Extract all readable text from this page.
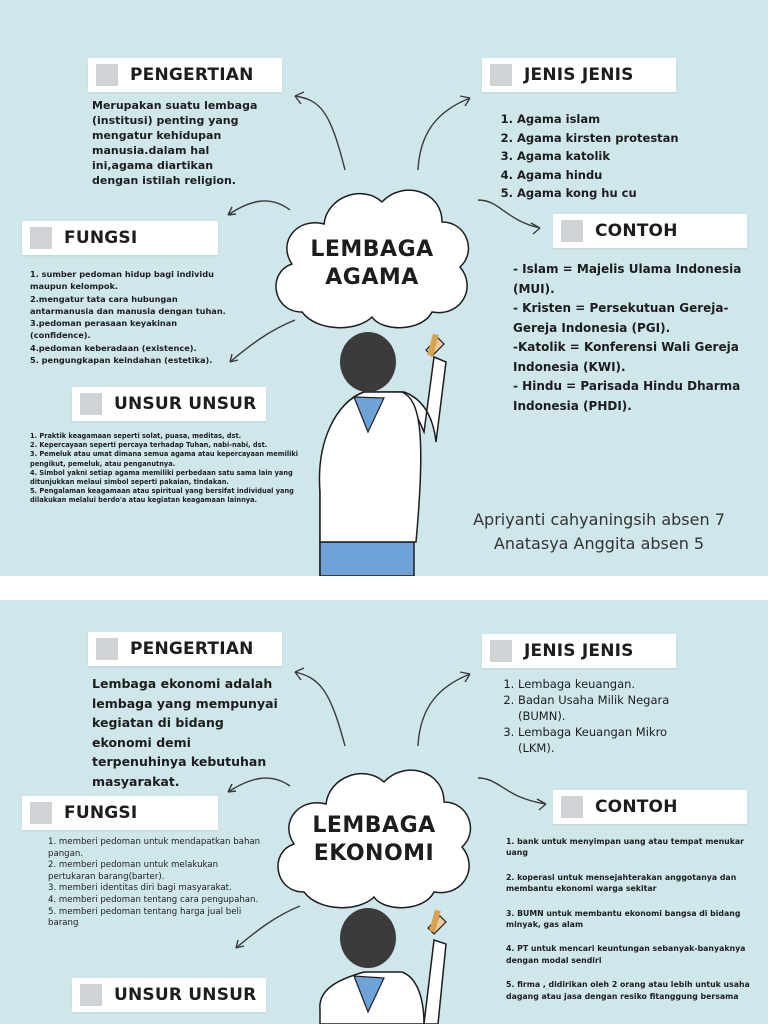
PENGERTIAN
Merupakan suatu lembaga (institusi) penting yang mengatur kehidupan manusia.dalam hal ini,agama diartikan dengan istilah religion.
JENIS JENIS
1. Agama islam
2. Agama kirsten protestan
3. Agama katolik
4. Agama hindu
5. Agama kong hu cu
FUNGSI

1. sumber pedoman hidup bagi individu maupun kelompok.

2.mengatur tata cara hubungan antarmanusia dan manusia dengan tuhan.

3.pedoman perasaan keyakinan (confidence).

4.pedoman keberadaan (existence).

5. pengungkapan keindahan (estetika).

CONTOH

- Islam = Majelis Ulama Indonesia (MUI).

- Kristen = Persekutuan Gereja-Gereja Indonesia (PGI).

-Katolik = Konferensi Wali Gereja Indonesia (KWI).

- Hindu = Parisada Hindu Dharma Indonesia (PHDI).

UNSUR UNSUR

1. Praktik keagamaan seperti solat, puasa, meditas, dst.

2. Kepercayaan seperti percaya terhadap Tuhan, nabi-nabi, dst.

3. Pemeluk atau umat dimana semua agama atau kepercayaan memiliki pengikut, pemeluk, atau penganutnya.

4. Simbol yakni setiap agama memiliki perbedaan satu sama lain yang ditunjukkan melaui simbol seperti pakaian, tindakan.

5. Pengalaman keagamaan atau spiritual yang bersifat individual yang dilakukan melalui berdo'a atau kegiatan keagamaan lainnya.

LEMBAGA
AGAMA
Apriyanti cahyaningsih absen 7
Anatasya Anggita absen 5
PENGERTIAN
Lembaga ekonomi adalah lembaga yang mempunyai kegiatan di bidang ekonomi demi terpenuhinya kebutuhan masyarakat.
JENIS JENIS
1. Lembaga keuangan.
2. Badan Usaha Milik Negara (BUMN).
3. Lembaga Keuangan Mikro (LKM).
FUNGSI

1. memberi pedoman untuk mendapatkan bahan pangan.

2. memberi pedoman untuk melakukan pertukaran barang(barter).

3. memberi identitas diri bagi masyarakat.

4. memberi pedoman tentang cara pengupahan.

5. memberi pedoman tentang harga jual beli barang

CONTOH

1. bank untuk menyimpan uang atau tempat menukar uang

2. koperasi untuk mensejahterakan anggotanya dan membantu ekonomi warga sekitar

3. BUMN untuk membantu ekonomi bangsa di bidang minyak, gas alam

4. PT untuk mencari keuntungan sebanyak-banyaknya dengan modal sendiri

5. firma , didirikan oleh 2 orang atau lebih untuk usaha dagang atau jasa dengan resiko fitanggung bersama

UNSUR UNSUR
LEMBAGA
EKONOMI
